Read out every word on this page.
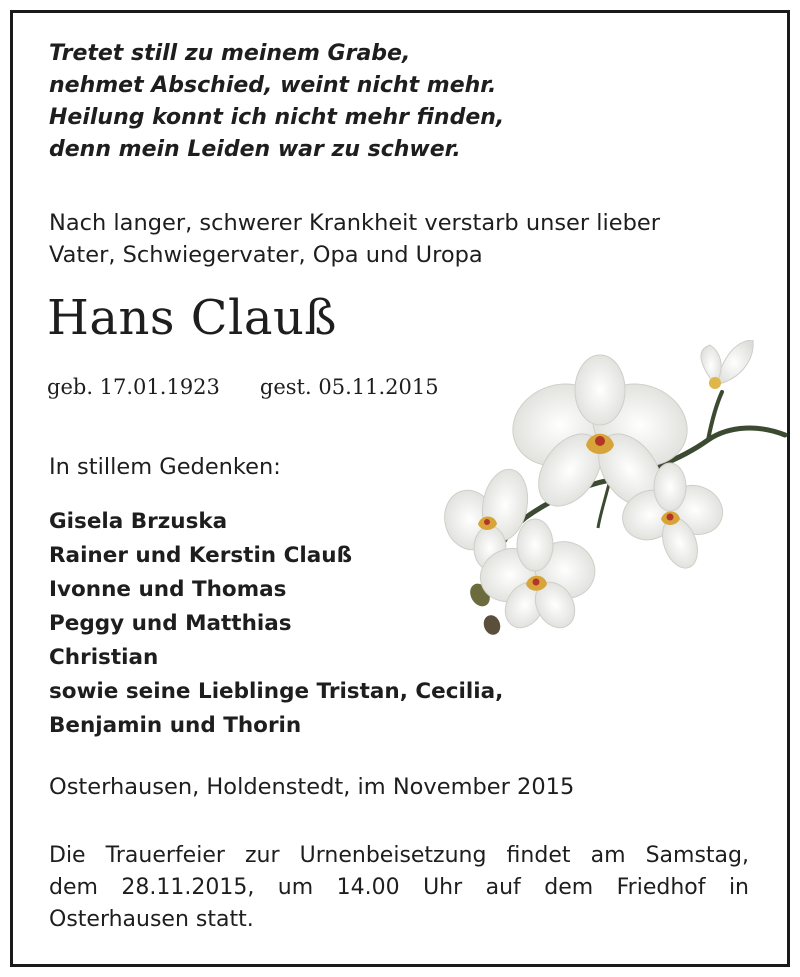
Tretet still zu meinem Grabe,
nehmet Abschied, weint nicht mehr.
Heilung konnt ich nicht mehr finden,
denn mein Leiden war zu schwer.
Nach langer, schwerer Krankheit verstarb unser lieber
Vater, Schwiegervater, Opa und Uropa
Hans Clauß
geb. 17.01.1923 gest. 05.11.2015
In stillem Gedenken:
Gisela Brzuska
Rainer und Kerstin Clauß
Ivonne und Thomas
Peggy und Matthias
Christian
sowie seine Lieblinge Tristan, Cecilia,
Benjamin und Thorin
Osterhausen, Holdenstedt, im November 2015
Die Trauerfeier zur Urnenbeisetzung findet am Samstag,
dem 28.11.2015, um 14.00 Uhr auf dem Friedhof in
Osterhausen statt.
